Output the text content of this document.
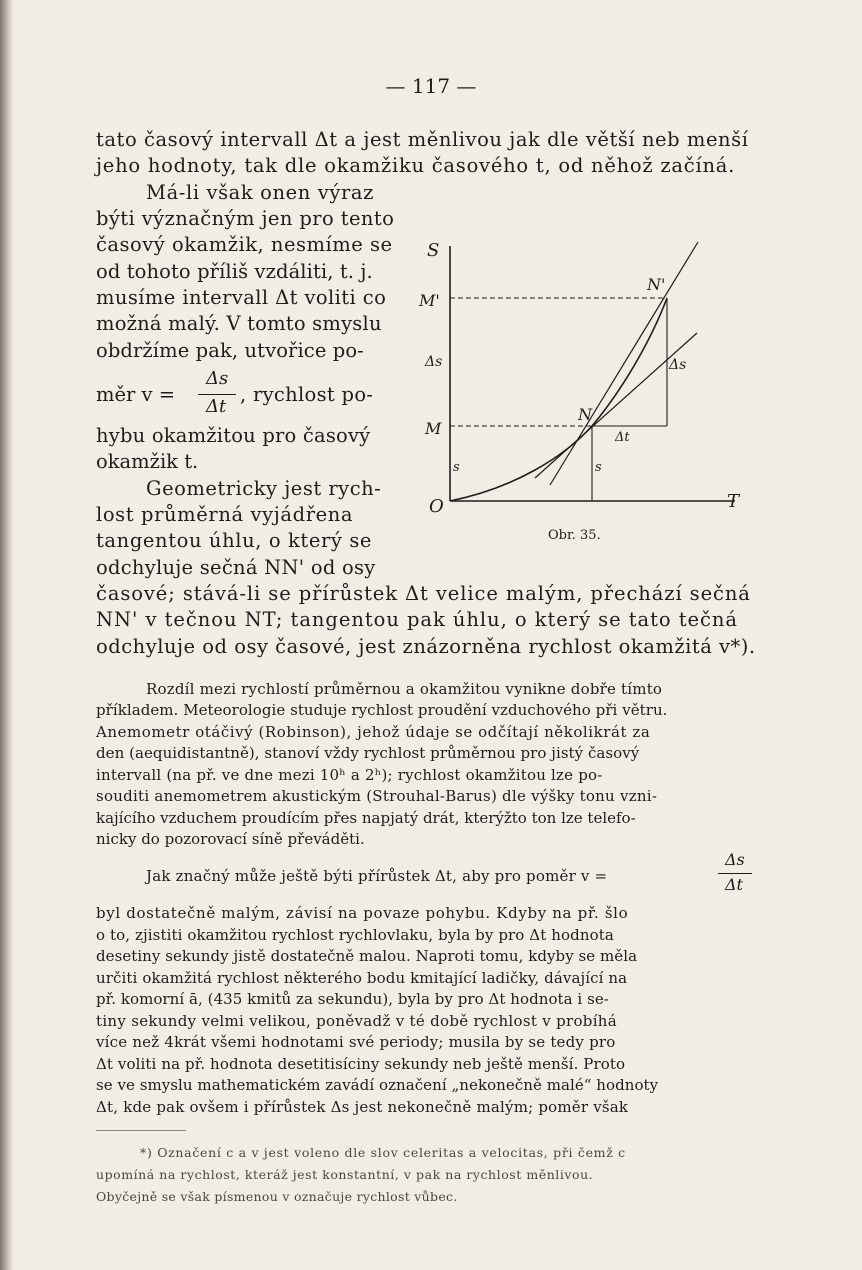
— 117 —
tato časový intervall Δt a jest měnlivou jak dle větší neb menší
jeho hodnoty, tak dle okamžiku časového t, od něhož začíná.
Má-li však onen výraz
býti význačným jen pro tento
časový okamžik, nesmíme se
od tohoto příliš vzdáliti, t. j.
musíme intervall Δt voliti co
možná malý. V tomto smyslu
obdržíme pak, utvořice po-
měr v =
Δs
Δt
, rychlost po-
hybu okamžitou pro časový
okamžik t.
Geometricky jest rych-
lost průměrná vyjádřena
tangentou úhlu, o který se
odchyluje sečná NN' od osy
časové; stává-li se přírůstek Δt velice malým, přechází sečná
NN' v tečnou NT; tangentou pak úhlu, o který se tato tečná
odchyluje od osy časové, jest znázorněna rychlost okamžitá v*).
S
M'
N'
Δs	Δs
N
M	Δt
s	s
O	T
Obr. 35.
Rozdíl mezi rychlostí průměrnou a okamžitou vynikne dobře tímto
příkladem. Meteorologie studuje rychlost proudění vzduchového při větru.
Anemometr otáčivý (Robinson), jehož údaje se odčítají několikrát za
den (aequidistantně), stanoví vždy rychlost průměrnou pro jistý časový
intervall (na př. ve dne mezi 10ʰ a 2ʰ); rychlost okamžitou lze po-
souditi anemometrem akustickým (Strouhal-Barus) dle výšky tonu vzni-
kajícího vzduchem proudícím přes napjatý drát, kterýžto ton lze telefo-
nicky do pozorovací síně převáděti.
Jak značný může ještě býti přírůstek Δt, aby pro poměr v =
Δs
Δt
byl dostatečně malým, závisí na povaze pohybu. Kdyby na př. šlo
o to, zjistiti okamžitou rychlost rychlovlaku, byla by pro Δt hodnota
desetiny sekundy jistě dostatečně malou. Naproti tomu, kdyby se měla
určiti okamžitá rychlost některého bodu kmitající ladičky, dávající na
př. komorní ā, (435 kmitů za sekundu), byla by pro Δt hodnota i se-
tiny sekundy velmi velikou, poněvadž v té době rychlost v probíhá
více než 4krát všemi hodnotami své periody; musila by se tedy pro
Δt voliti na př. hodnota desetitisíciny sekundy neb ještě menší. Proto
se ve smyslu mathematickém zavádí označení „nekonečně malé“ hodnoty
Δt, kde pak ovšem i přírůstek Δs jest nekonečně malým; poměr však
*) Označení c a v jest voleno dle slov celeritas a velocitas, při čemž c
upomíná na rychlost, kteráž jest konstantní, v pak na rychlost měnlivou.
Obyčejně se však písmenou v označuje rychlost vůbec.
